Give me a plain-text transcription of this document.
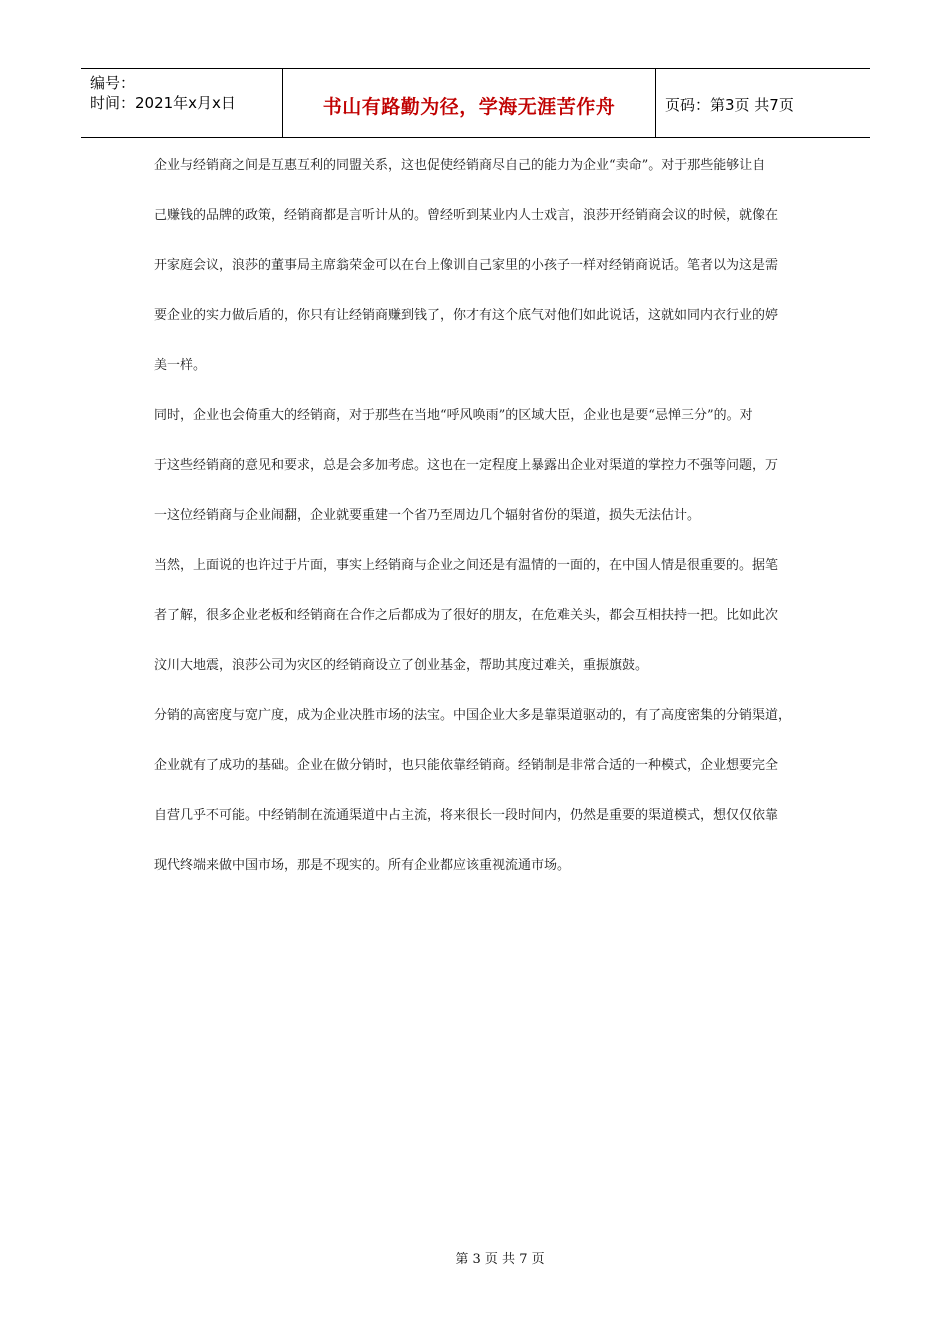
编号：
时间：2021年x月x日	书山有路勤为径，学海无涯苦作舟	页码：第3页 共7页
企业与经销商之间是互惠互利的同盟关系，这也促使经销商尽自己的能力为企业“卖命”。对于那些能够让自
己赚钱的品牌的政策，经销商都是言听计从的。曾经听到某业内人士戏言，浪莎开经销商会议的时候，就像在
开家庭会议，浪莎的董事局主席翁荣金可以在台上像训自己家里的小孩子一样对经销商说话。笔者以为这是需
要企业的实力做后盾的，你只有让经销商赚到钱了，你才有这个底气对他们如此说话，这就如同内衣行业的婷
美一样。
同时，企业也会倚重大的经销商，对于那些在当地“呼风唤雨”的区域大臣，企业也是要“忌惮三分”的。对
于这些经销商的意见和要求，总是会多加考虑。这也在一定程度上暴露出企业对渠道的掌控力不强等问题，万
一这位经销商与企业闹翻，企业就要重建一个省乃至周边几个辐射省份的渠道，损失无法估计。
当然，上面说的也许过于片面，事实上经销商与企业之间还是有温情的一面的，在中国人情是很重要的。据笔
者了解，很多企业老板和经销商在合作之后都成为了很好的朋友，在危难关头，都会互相扶持一把。比如此次
汶川大地震，浪莎公司为灾区的经销商设立了创业基金，帮助其度过难关，重振旗鼓。
分销的高密度与宽广度，成为企业决胜市场的法宝。中国企业大多是靠渠道驱动的，有了高度密集的分销渠道，
企业就有了成功的基础。企业在做分销时，也只能依靠经销商。经销制是非常合适的一种模式，企业想要完全
自营几乎不可能。中经销制在流通渠道中占主流，将来很长一段时间内，仍然是重要的渠道模式，想仅仅依靠
现代终端来做中国市场，那是不现实的。所有企业都应该重视流通市场。
第 3 页 共 7 页
